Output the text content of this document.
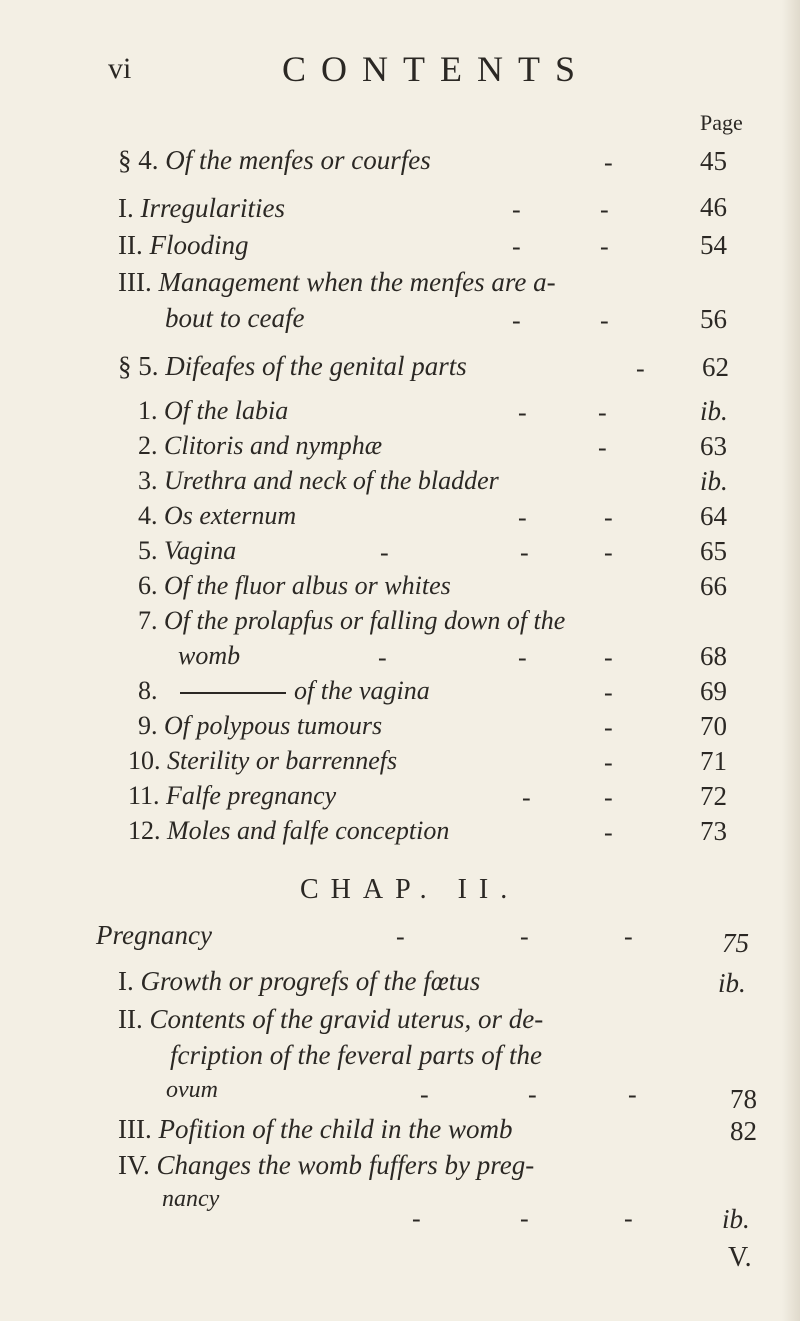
vi	CONTENTS
Page
§ 4. Of the menfes or courfes	-	45
I. Irregularities	-	-	46
II. Flooding	-	-	54
III. Management when the menfes are a-
bout to ceafe	-	-	56
§ 5. Difeafes of the genital parts	- 62
1. Of the labia	-	-	ib.
2. Clitoris and nymphæ	-	63
3. Urethra and neck of the bladder	ib.
4. Os externum	-	-	64
5. Vagina	-	-	-	65
6. Of the fluor albus or whites	66
7. Of the prolapfus or falling down of the
womb	-	-	-	68
8.	of the vagina	-	69
9. Of polypous tumours	-	70
10. Sterility or barrennefs	-	71
11. Falfe pregnancy	-	-	72
12. Moles and falfe conception	-	73
CHAP. II.
Pregnancy	-	-	-	75
I. Growth or progrefs of the fœtus	ib.
II. Contents of the gravid uterus, or de-
fcription of the feveral parts of the
ovum	-	-	-	78
III. Pofition of the child in the womb	82
IV. Changes the womb fuffers by preg-
nancy
-	-	-	ib.
V.
